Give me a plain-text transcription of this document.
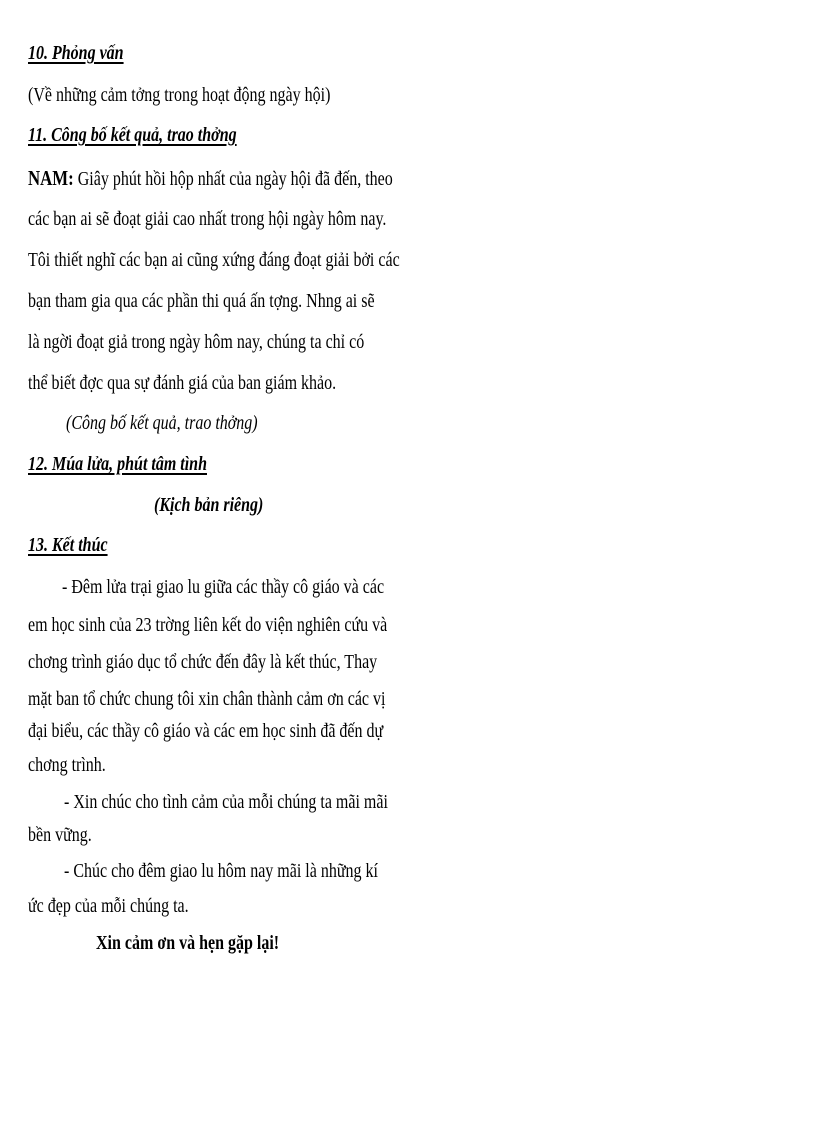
10. Phỏng vấn
(Về những cảm tởng trong hoạt động ngày hội)
11. Công bố kết quả, trao thởng
NAM: Giây phút hồi hộp nhất của ngày hội đã đến, theo
các bạn ai sẽ đoạt giải cao nhất trong hội ngày hôm nay.
Tôi thiết nghĩ các bạn ai cũng xứng đáng đoạt giải bởi các
bạn tham gia qua các phần thi quá ấn tợng. Nhng ai sẽ
là ngời đoạt giả trong ngày hôm nay, chúng ta chỉ có
thể biết đợc qua sự đánh giá của ban giám khảo.
(Công bố kết quả, trao thởng)
12. Múa lửa, phút tâm tình
(Kịch bản riêng)
13. Kết thúc
- Đêm lửa trại giao lu giữa các thầy cô giáo và các
em học sinh của 23 trờng liên kết do viện nghiên cứu và
chơng trình giáo dục tổ chức đến đây là kết thúc, Thay
mặt ban tổ chức chung tôi xin chân thành cảm ơn các vị
đại biểu, các thầy cô giáo và các em học sinh đã đến dự
chơng trình.
- Xin chúc cho tình cảm của mỗi chúng ta mãi mãi
bền vững.
- Chúc cho đêm giao lu hôm nay mãi là những kí
ức đẹp của mỗi chúng ta.
Xin cảm ơn và hẹn gặp lại!
